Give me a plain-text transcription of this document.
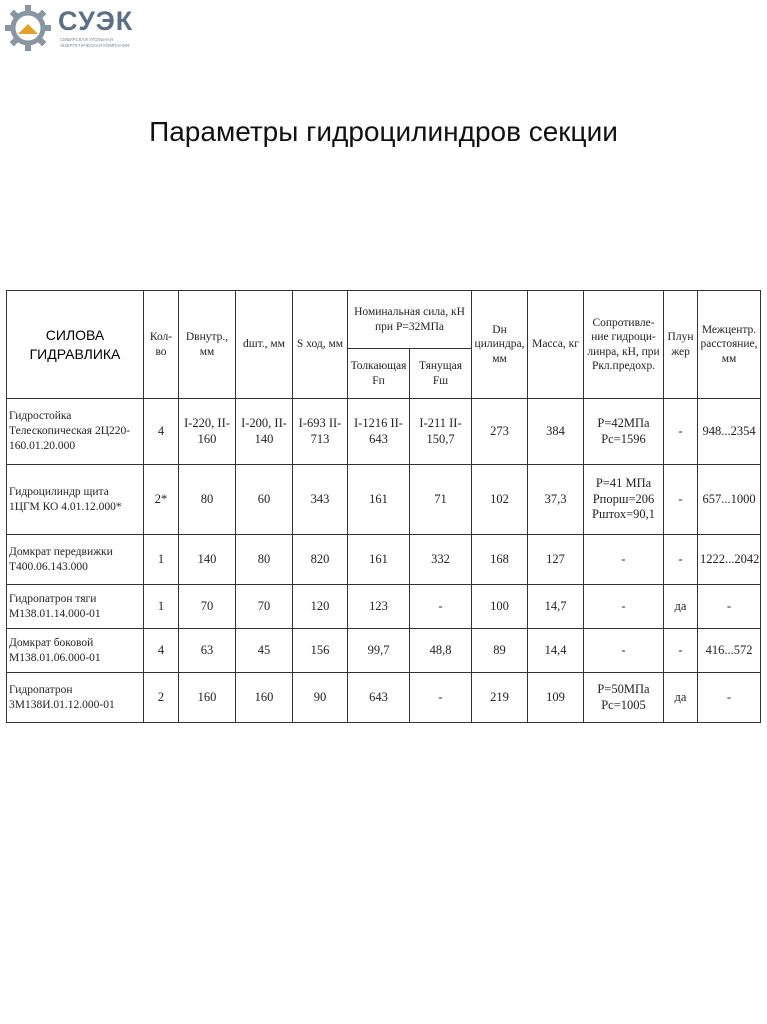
СУЭК
СИБИРСКАЯ УГОЛЬНАЯ ЭНЕРГЕТИЧЕСКАЯ КОМПАНИЯ
Параметры гидроцилиндров секции
СИЛОВА ГИДРАВЛИКА	Кол-во	Dвнутр., мм	dшт., мм	S ход, мм	Номинальная сила, кН при Р=32МПа		Dн цилиндра, мм	Масса, кг	Сопротивле-ние гидроци-линра, кН, при Ркл.предохр.	Плун жер	Межцентр. расстояние, мм
					Толкающая Fп	Тянущая Fш					
Гидростойка Телескопическая 2Ц220-160.01.20.000	4	I-220, II-160	I-200, II-140	I-693 II-713	I-1216 II-643	I-211 II-150,7	273	384	Р=42МПа Рс=1596	-	948...2354
Гидроцилиндр щита 1ЦГМ КО 4.01.12.000*	2*	80	60	343	161	71	102	37,3	Р=41 МПа Рпорш=206 Рштох=90,1	-	657...1000
Домкрат передвижки Т400.06.143.000	1	140	80	820	161	332	168	127	-	-	1222...2042
Гидропатрон тяги М138.01.14.000-01	1	70	70	120	123	-	100	14,7	-	да	-
Домкрат боковой М138.01.06.000-01	4	63	45	156	99,7	48,8	89	14,4	-	-	416...572
Гидропатрон 3М138И.01.12.000-01	2	160	160	90	643	-	219	109	Р=50МПа Рс=1005	да	-
